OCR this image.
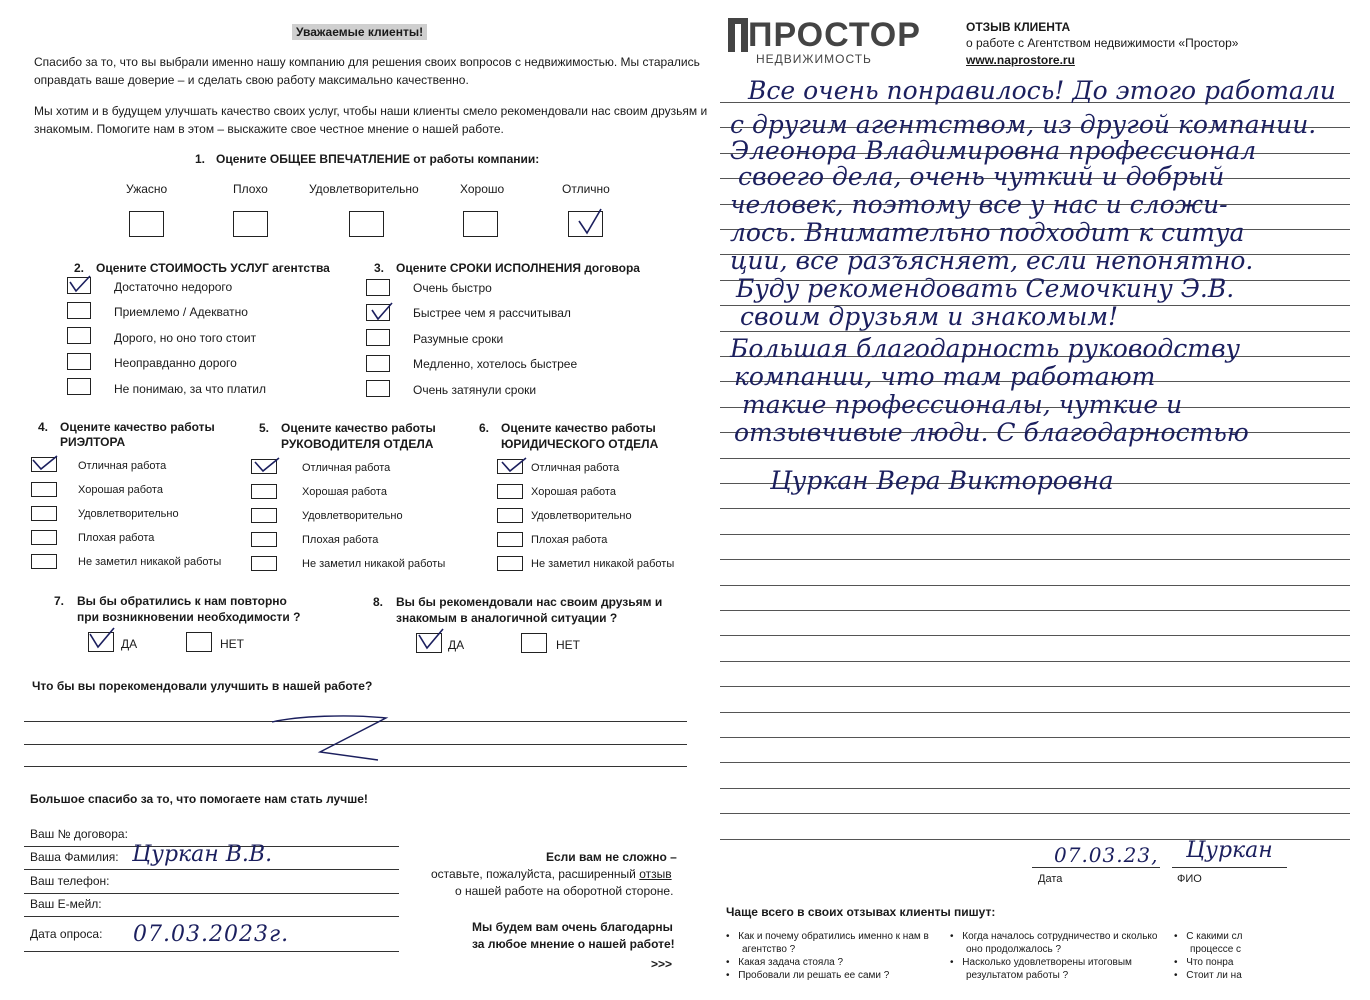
Уважаемые клиенты!
Спасибо за то, что вы выбрали именно нашу компанию для решения своих вопросов с недвижимостью. Мы старались
оправдать ваше доверие – и сделать свою работу максимально качественно.
Мы хотим и в будущем улучшать качество своих услуг, чтобы наши клиенты смело рекомендовали нас своим друзьям и
знакомым. Помогите нам в этом – выскажите свое честное мнение о нашей работе.
1. Оцените ОБЩЕЕ ВПЕЧАТЛЕНИЕ от работы компании:
Ужасно	Плохо	Удовлетворительно	Хорошо	Отлично
2. Оцените СТОИМОСТЬ УСЛУГ агентства
Достаточно недорого
Приемлемо / Адекватно
Дорого, но оно того стоит
Неоправданно дорого
Не понимаю, за что платил
3. Оцените СРОКИ ИСПОЛНЕНИЯ договора
Очень быстро
Быстрее чем я рассчитывал
Разумные сроки
Медленно, хотелось быстрее
Очень затянули сроки
4. Оцените качество работы
РИЭЛТОРА
Отличная работа
Хорошая работа
Удовлетворительно
Плохая работа
Не заметил никакой работы
5. Оцените качество работы
РУКОВОДИТЕЛЯ ОТДЕЛА
Отличная работа
Хорошая работа
Удовлетворительно
Плохая работа
Не заметил никакой работы
6. Оцените качество работы
ЮРИДИЧЕСКОГО ОТДЕЛА
Отличная работа
Хорошая работа
Удовлетворительно
Плохая работа
Не заметил никакой работы
7. Вы бы обратились к нам повторно
при возникновении необходимости ?
ДА	НЕТ
8. Вы бы рекомендовали нас своим друзьям и
знакомым в аналогичной ситуации ?
ДА	НЕТ
Что бы вы порекомендовали улучшить в нашей работе?
Большое спасибо за то, что помогаете нам стать лучше!
Ваш № договора:
Ваша Фамилия: Цуркан В.В.
Ваш телефон:
Ваш Е-мейл:
Дата опроса: 07.03.2023г.
Если вам не сложно –
оставьте, пожалуйста, расширенный отзыв
о нашей работе на оборотной стороне.
Мы будем вам очень благодарны
за любое мнение о нашей работе!
>>>
ПРОСТОР
НЕДВИЖИМОСТЬ
ОТЗЫВ КЛИЕНТА
о работе с Агентством недвижимости «Простор»
www.naprostore.ru
Все очень понравилось! До этого работали
с другим агентством, из другой компании.
Элеонора Владимировна профессионал
своего дела, очень чуткий и добрый
человек, поэтому все у нас и сложи-
лось. Внимательно подходит к ситуа
ции, все разъясняет, если непонятно.
Буду рекомендовать Семочкину Э.В.
своим друзьям и знакомым!
Большая благодарность руководству
компании, что там работают
такие профессионалы, чуткие и
отзывчивые люди. С благодарностью
Цуркан Вера Викторовна
07.03.23,
Дата
Цуркан
ФИО
Чаще всего в своих отзывах клиенты пишут:
• Как и почему обратились именно к нам в
агентство ?
• Какая задача стояла ?
• Пробовали ли решать ее сами ?
• Когда началось сотрудничество и сколько
оно продолжалось ?
• Насколько удовлетворены итоговым
результатом работы ?
• С какими сл
процессе с
• Что понра
• Стоит ли на
